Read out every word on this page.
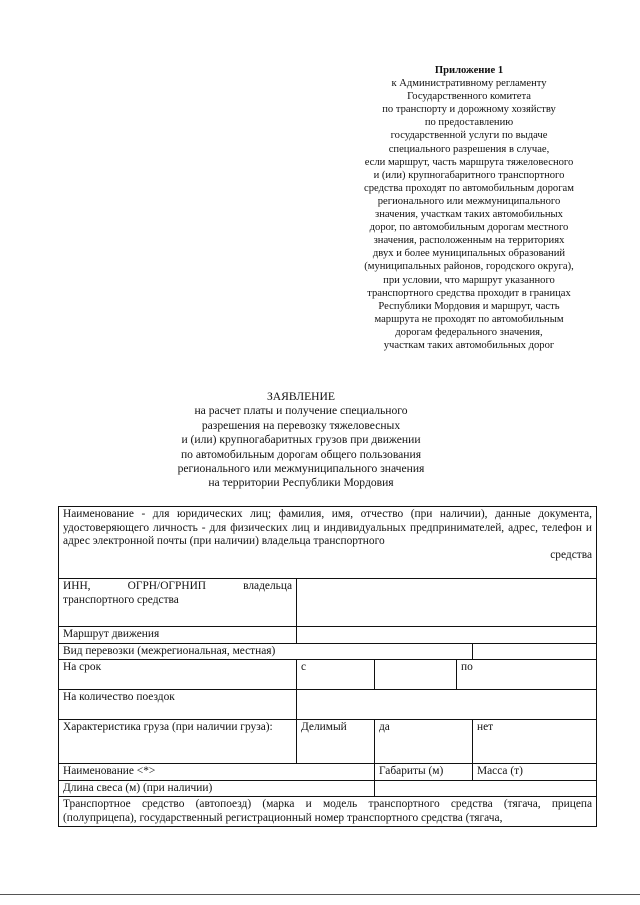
Приложение 1
к Административному регламенту
Государственного комитета
по транспорту и дорожному хозяйству
по предоставлению
государственной услуги по выдаче
специального разрешения в случае,
если маршрут, часть маршрута тяжеловесного
и (или) крупногабаритного транспортного
средства проходят по автомобильным дорогам
регионального или межмуниципального
значения, участкам таких автомобильных
дорог, по автомобильным дорогам местного
значения, расположенным на территориях
двух и более муниципальных образований
(муниципальных районов, городского округа),
при условии, что маршрут указанного
транспортного средства проходит в границах
Республики Мордовия и маршрут, часть
маршрута не проходят по автомобильным
дорогам федерального значения,
участкам таких автомобильных дорог
ЗАЯВЛЕНИЕ
на расчет платы и получение специального
разрешения на перевозку тяжеловесных
и (или) крупногабаритных грузов при движении
по автомобильным дорогам общего пользования
регионального или межмуниципального значения
на территории Республики Мордовия
Наименование - для юридических лиц; фамилия, имя, отчество (при наличии), данные документа, удостоверяющего личность - для физических лиц и индивидуальных предпринимателей, адрес, телефон и адрес электронной почты (при наличии) владельца транспортного
средства				

ИНН, ОГРН/ОГРНИП владельца транспортного средства				
Маршрут движения				
Вид перевозки (межрегиональная, местная)				
На срок	с		по	
На количество поездок				
Характеристика груза (при наличии груза):	Делимый	да		нет
Наименование <*>		Габариты (м)		Масса (т)
Длина свеса (м) (при наличии)				

Транспортное средство (автопоезд) (марка и модель транспортного средства (тягача, прицепа (полуприцепа), государственный регистрационный номер транспортного средства (тягача,				
